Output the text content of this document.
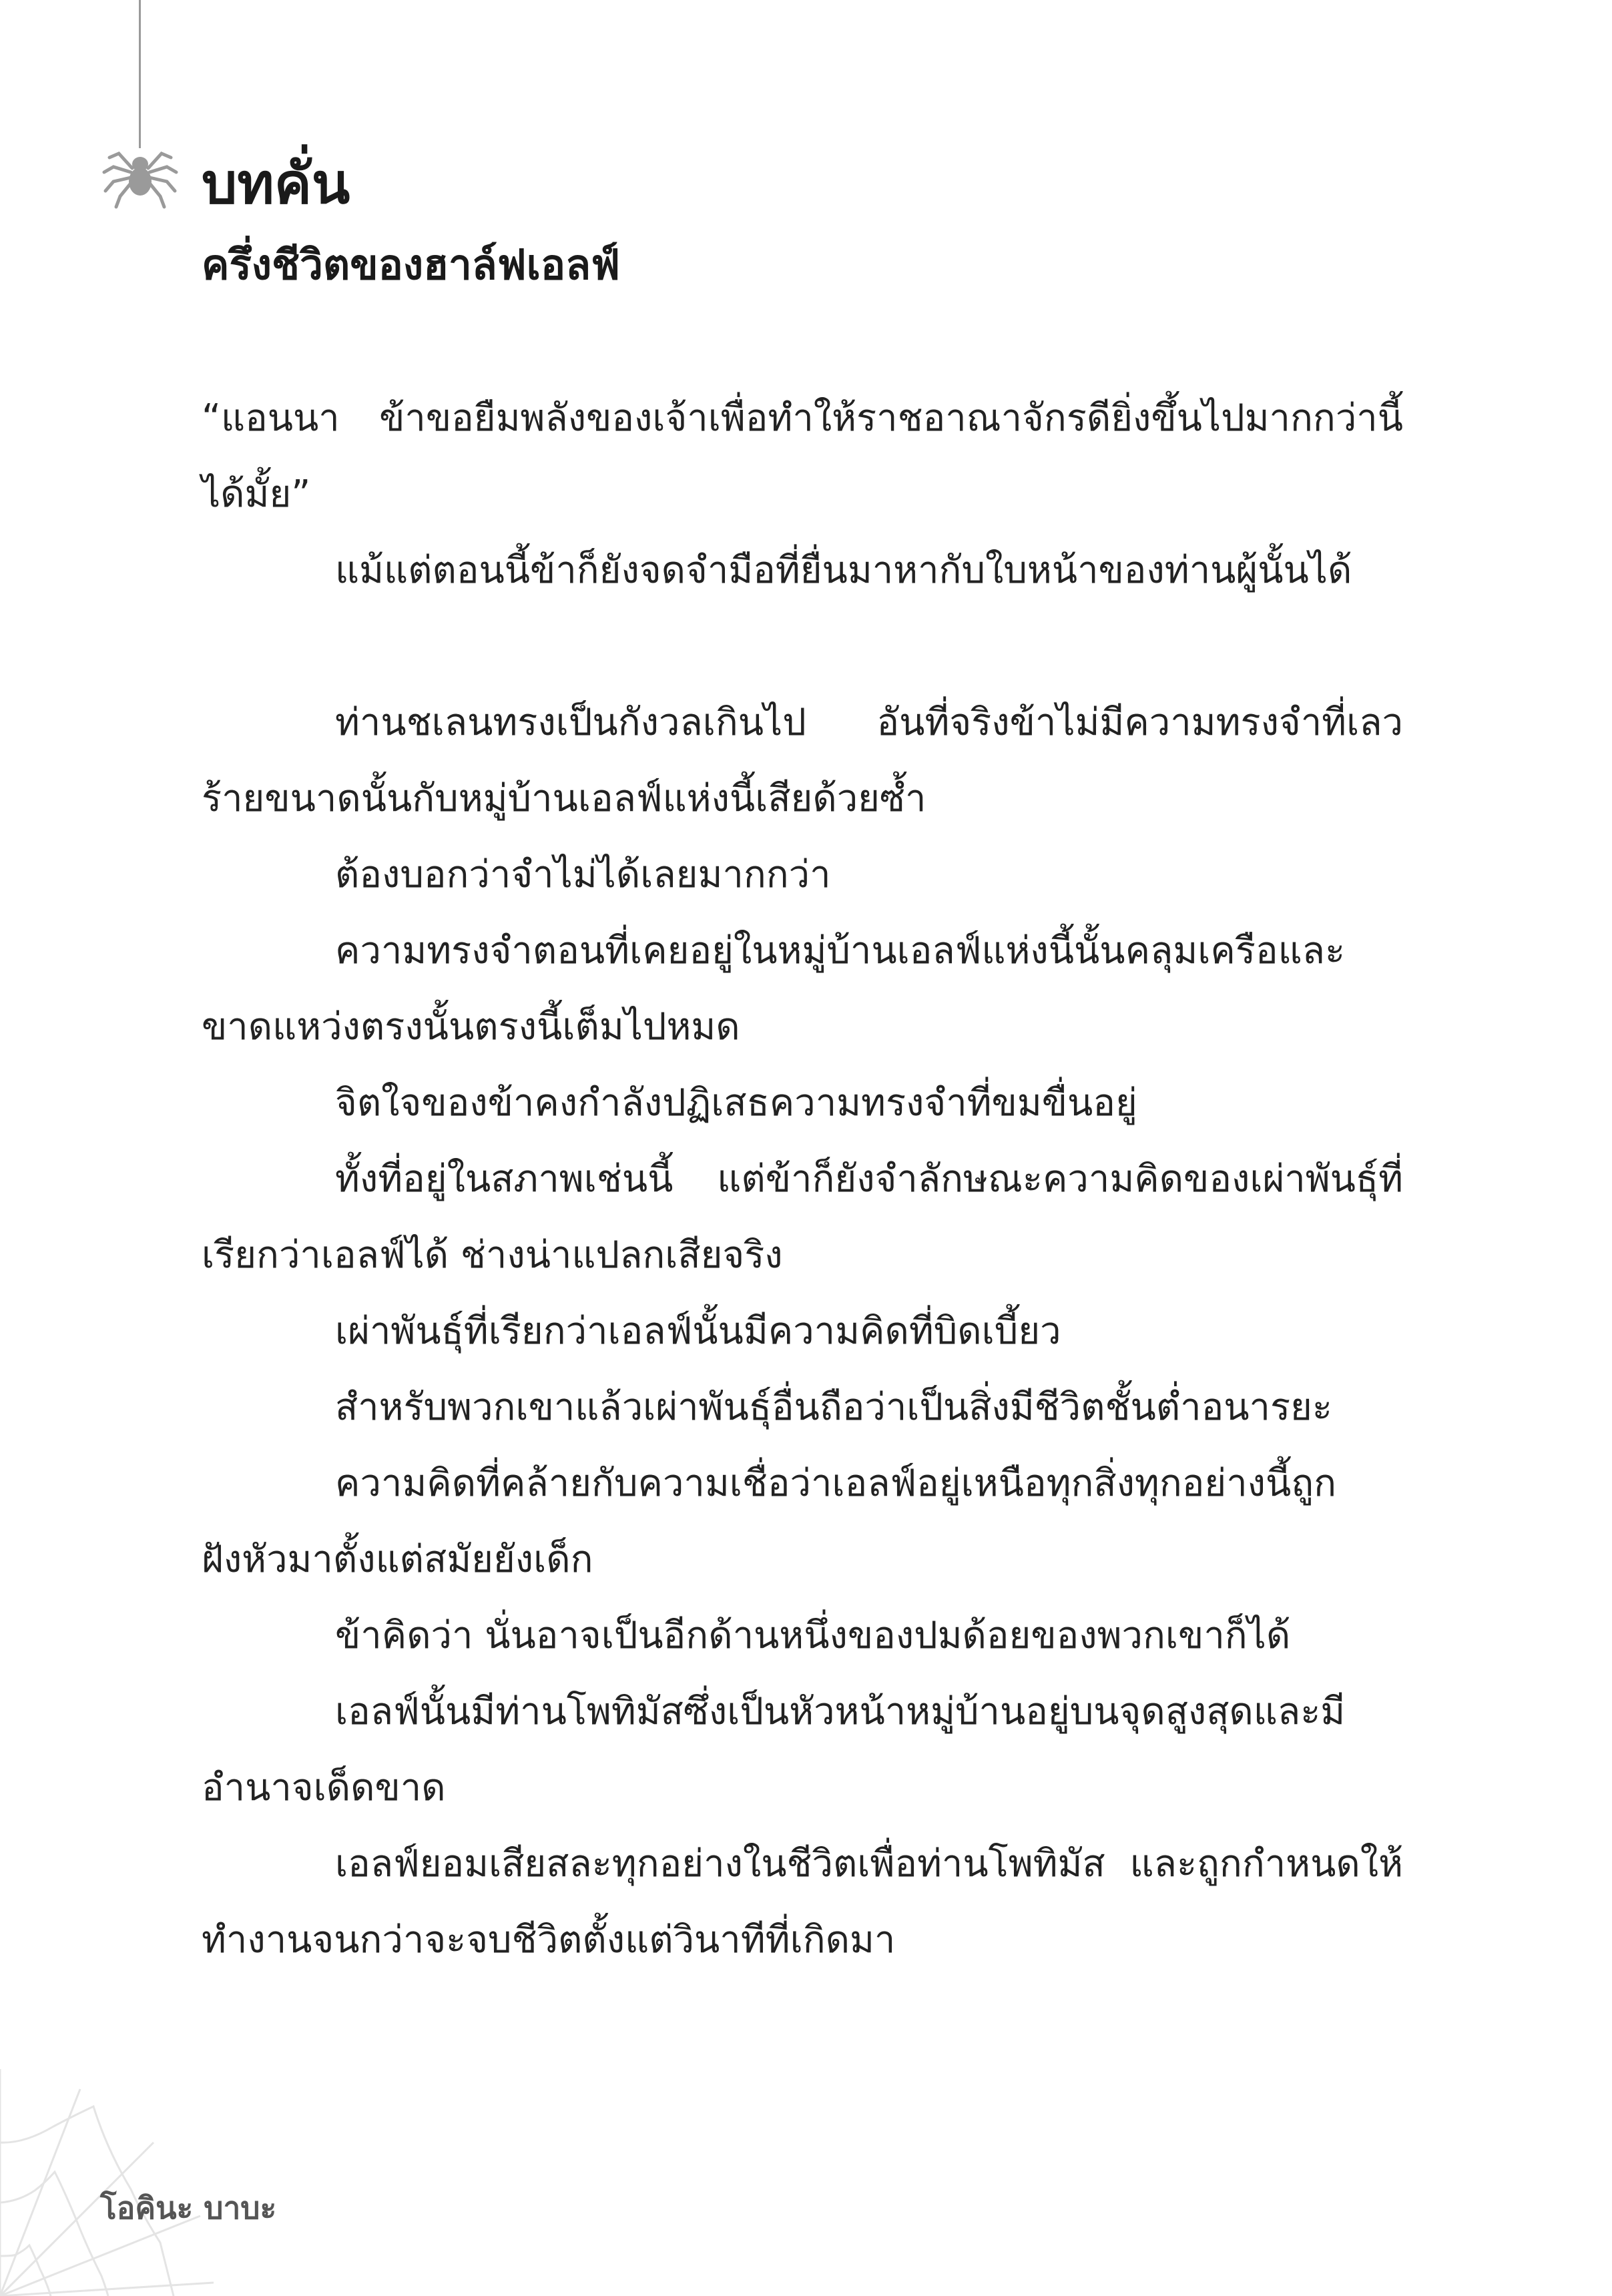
บทคั่น
ครึ่งชีวิตของฮาล์ฟเอลฟ์

“แอนนา ข้าขอยืมพลังของเจ้าเพื่อทำให้ราชอาณาจักรดียิ่งขึ้นไปมากกว่านี้ได้มั้ย”

แม้แต่ตอนนี้ข้าก็ยังจดจำมือที่ยื่นมาหากับใบหน้าของท่านผู้นั้นได้

ท่านชเลนทรงเป็นกังวลเกินไป อันที่จริงข้าไม่มีความทรงจำที่เลวร้ายขนาดนั้นกับหมู่บ้านเอลฟ์แห่งนี้เสียด้วยซ้ำ

ต้องบอกว่าจำไม่ได้เลยมากกว่า

ความทรงจำตอนที่เคยอยู่ในหมู่บ้านเอลฟ์แห่งนี้นั้นคลุมเครือและขาดแหว่งตรงนั้นตรงนี้เต็มไปหมด

จิตใจของข้าคงกำลังปฏิเสธความทรงจำที่ขมขื่นอยู่

ทั้งที่อยู่ในสภาพเช่นนี้ แต่ข้าก็ยังจำลักษณะความคิดของเผ่าพันธุ์ที่เรียกว่าเอลฟ์ได้ ช่างน่าแปลกเสียจริง

เผ่าพันธุ์ที่เรียกว่าเอลฟ์นั้นมีความคิดที่บิดเบี้ยว

สำหรับพวกเขาแล้วเผ่าพันธุ์อื่นถือว่าเป็นสิ่งมีชีวิตชั้นต่ำอนารยะ

ความคิดที่คล้ายกับความเชื่อว่าเอลฟ์อยู่เหนือทุกสิ่งทุกอย่างนี้ถูกฝังหัวมาตั้งแต่สมัยยังเด็ก

ข้าคิดว่า นั่นอาจเป็นอีกด้านหนึ่งของปมด้อยของพวกเขาก็ได้

เอลฟ์นั้นมีท่านโพทิมัสซึ่งเป็นหัวหน้าหมู่บ้านอยู่บนจุดสูงสุดและมีอำนาจเด็ดขาด

เอลฟ์ยอมเสียสละทุกอย่างในชีวิตเพื่อท่านโพทิมัส และถูกกำหนดให้ทำงานจนกว่าจะจบชีวิตตั้งแต่วินาทีที่เกิดมา

โอคินะ บาบะ
